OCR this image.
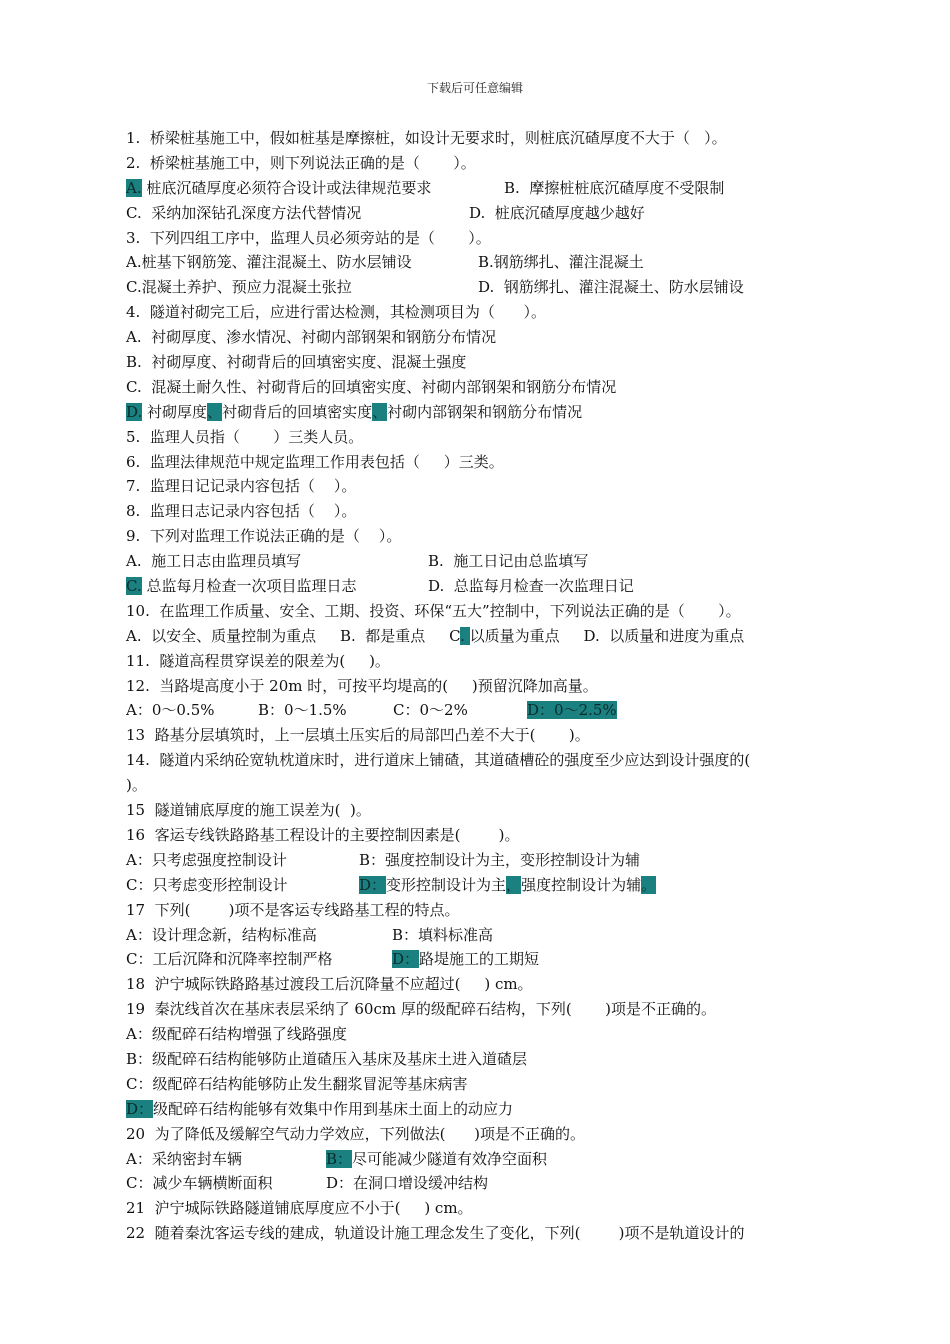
下载后可任意编辑
1.  桥梁桩基施工中，假如桩基是摩擦桩，如设计无要求时，则桩底沉碴厚度不大于（   ）。
2.  桥梁桩基施工中，则下列说法正确的是（       ）。
A. 桩底沉碴厚度必须符合设计或法律规范要求	B.  摩擦桩桩底沉碴厚度不受限制
C.  采纳加深钻孔深度方法代替情况	D.  桩底沉碴厚度越少越好
3.  下列四组工序中，监理人员必须旁站的是（       ）。
A.桩基下钢筋笼、灌注混凝土、防水层铺设	B.钢筋绑扎、灌注混凝土
C.混凝土养护、预应力混凝土张拉	D.  钢筋绑扎、灌注混凝土、防水层铺设
4.  隧道衬砌完工后，应进行雷达检测，其检测项目为（      ）。
A.  衬砌厚度、渗水情况、衬砌内部钢架和钢筋分布情况
B.  衬砌厚度、衬砌背后的回填密实度、混凝土强度
C.  混凝土耐久性、衬砌背后的回填密实度、衬砌内部钢架和钢筋分布情况
D. 衬砌厚度、衬砌背后的回填密实度、衬砌内部钢架和钢筋分布情况
5.  监理人员指（       ）三类人员。
6.  监理法律规范中规定监理工作用表包括（     ）三类。
7.  监理日记记录内容包括（    ）。
8.  监理日志记录内容包括（    ）。
9.  下列对监理工作说法正确的是（    ）。
A.  施工日志由监理员填写	B.  施工日记由总监填写
C. 总监每月检查一次项目监理日志	D.  总监每月检查一次监理日记
10.  在监理工作质量、安全、工期、投资、环保“五大”控制中，下列说法正确的是（       ）。
A.  以安全、质量控制为重点     B.  都是重点     C. 以质量为重点     D.  以质量和进度为重点
11.  隧道高程贯穿误差的限差为(     )。
12.  当路堤高度小于 20m 时，可按平均堤高的(     )预留沉降加高量。
A：0～0.5%	B：0～1.5%	C：0～2%	D：0～2.5%
13  路基分层填筑时，上一层填土压实后的局部凹凸差不大于(       )。
14.  隧道内采纳砼宽轨枕道床时，进行道床上铺碴，其道碴槽砼的强度至少应达到设计强度的(
)。
15  隧道铺底厚度的施工误差为(  )。
16  客运专线铁路路基工程设计的主要控制因素是(        )。
A：只考虑强度控制设计	B：强度控制设计为主，变形控制设计为辅
C：只考虑变形控制设计	D：变形控制设计为主，强度控制设计为辅。
17  下列(        )项不是客运专线路基工程的特点。
A：设计理念新，结构标准高	B：填料标准高
C：工后沉降和沉降率控制严格	D：路堤施工的工期短
18  沪宁城际铁路路基过渡段工后沉降量不应超过(     ) cm。
19  秦沈线首次在基床表层采纳了 60cm 厚的级配碎石结构，下列(       )项是不正确的。
A：级配碎石结构增强了线路强度
B：级配碎石结构能够防止道碴压入基床及基床土进入道碴层
C：级配碎石结构能够防止发生翻浆冒泥等基床病害
D：级配碎石结构能够有效集中作用到基床土面上的动应力
20  为了降低及缓解空气动力学效应，下列做法(      )项是不正确的。
A：采纳密封车辆	B：尽可能减少隧道有效净空面积
C：减少车辆横断面积	D：在洞口增设缓冲结构
21  沪宁城际铁路隧道铺底厚度应不小于(     ) cm。
22  随着秦沈客运专线的建成，轨道设计施工理念发生了变化，下列(        )项不是轨道设计的
